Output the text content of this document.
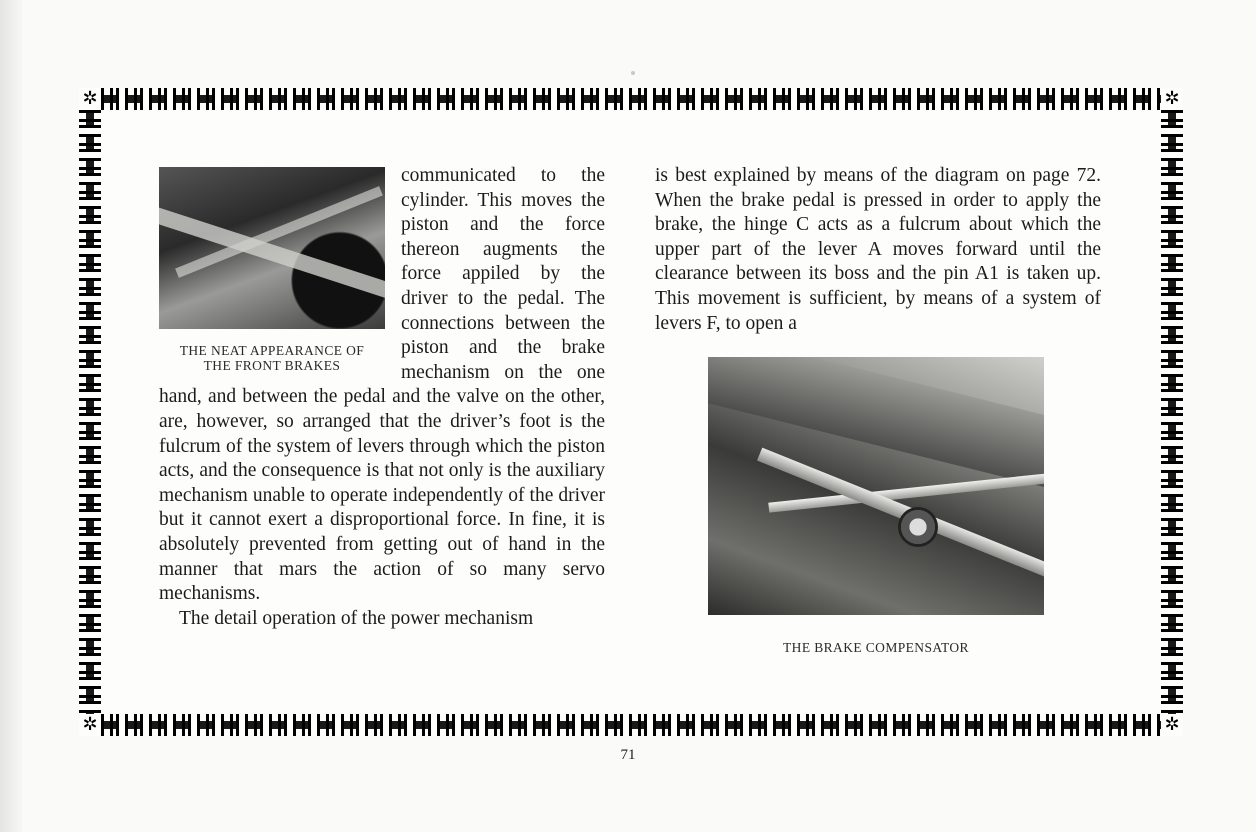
✲	✲
✲	✲
THE NEAT APPEARANCE OF
THE FRONT BRAKES

communicated to the cylinder. This moves the piston and the force thereon augments the force appiled by the driver to the pedal. The connections between the piston and the brake mechanism on the one hand, and between the pedal and the valve on the other, are, however, so arranged that the driver’s foot is the fulcrum of the system of levers through which the piston acts, and the consequence is that not only is the auxiliary mechanism unable to operate independently of the driver but it cannot exert a disproportional force. In fine, it is absolutely prevented from getting out of hand in the manner that mars the action of so many servo mechanisms.

The detail operation of the power mechanism

is best explained by means of the diagram on page 72. When the brake pedal is pressed in order to apply the brake, the hinge C acts as a fulcrum about which the upper part of the lever A moves forward until the clearance between its boss and the pin A1 is taken up. This movement is sufficient, by means of a system of levers F, to open a

THE BRAKE COMPENSATOR
71
